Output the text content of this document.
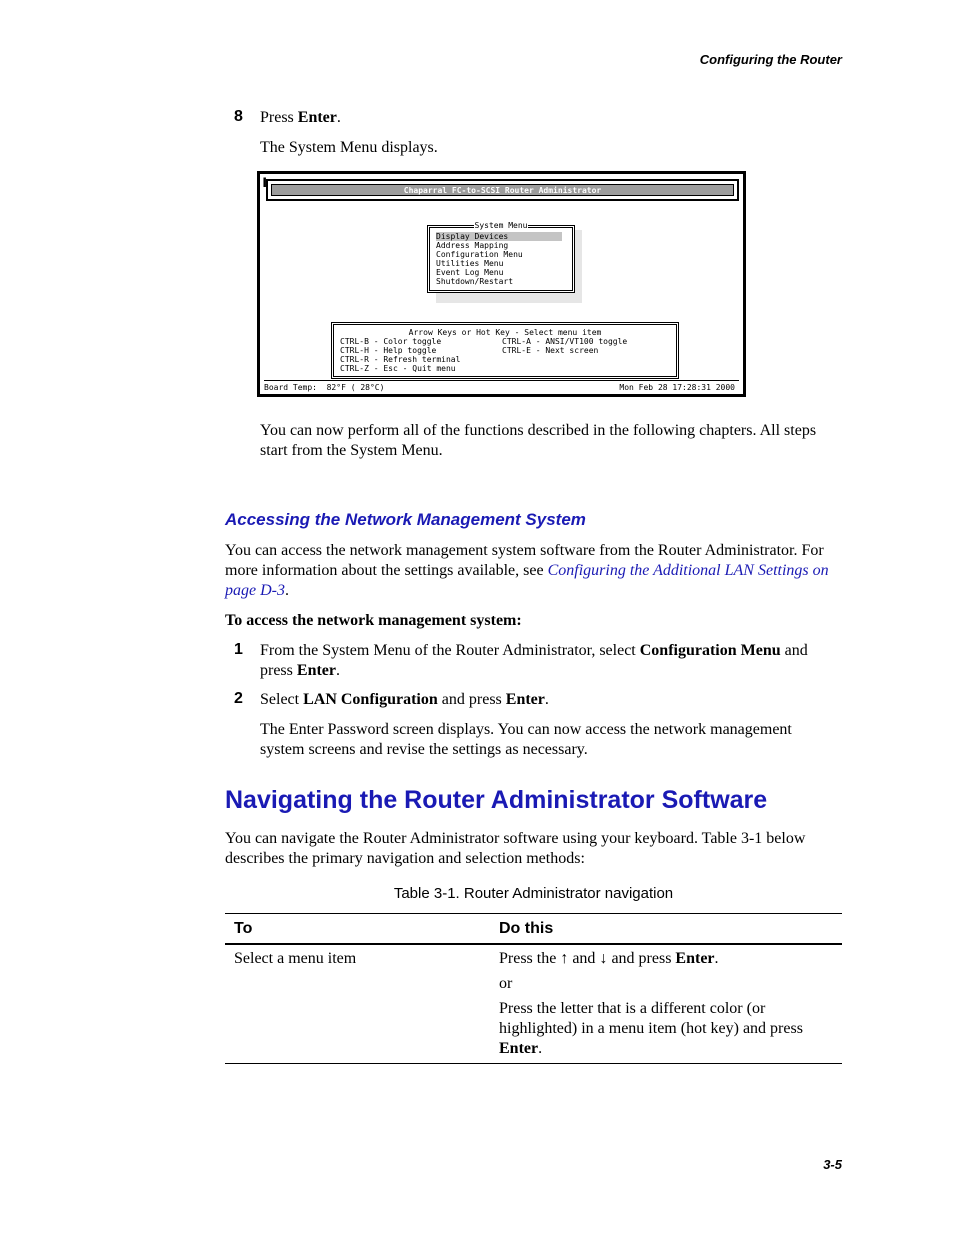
Configuring the Router
8 Press Enter.
The System Menu displays.
▐
Chaparral FC-to-SCSI Router Administrator
System Menu
Display Devices
Address Mapping
Configuration Menu
Utilities Menu
Event Log Menu
Shutdown/Restart
Arrow Keys or Hot Key - Select menu item
CTRL-B - Color toggle
CTRL-H - Help toggle
CTRL-R - Refresh terminal
CTRL-Z - Esc - Quit menu
CTRL-A - ANSI/VT100 toggle
CTRL-E - Next screen
Board Temp:  82°F ( 28°C)	Mon Feb 28 17:28:31 2000
You can now perform all of the functions described in the following chapters. All steps start from the System Menu.
Accessing the Network Management System
You can access the network management system software from the Router Administrator. For more information about the settings available, see Configuring the Additional LAN Settings on page D-3.
To access the network management system:
1 From the System Menu of the Router Administrator, select Configuration Menu and press Enter.
2 Select LAN Configuration and press Enter.
The Enter Password screen displays. You can now access the network management system screens and revise the settings as necessary.
Navigating the Router Administrator Software
You can navigate the Router Administrator software using your keyboard. Table 3-1 below describes the primary navigation and selection methods:
Table 3-1. Router Administrator navigation
To	Do this
Select a menu item	Press the ↑ and ↓ and press Enter.
or
Press the letter that is a different color (or highlighted) in a menu item (hot key) and press Enter.
3-5
